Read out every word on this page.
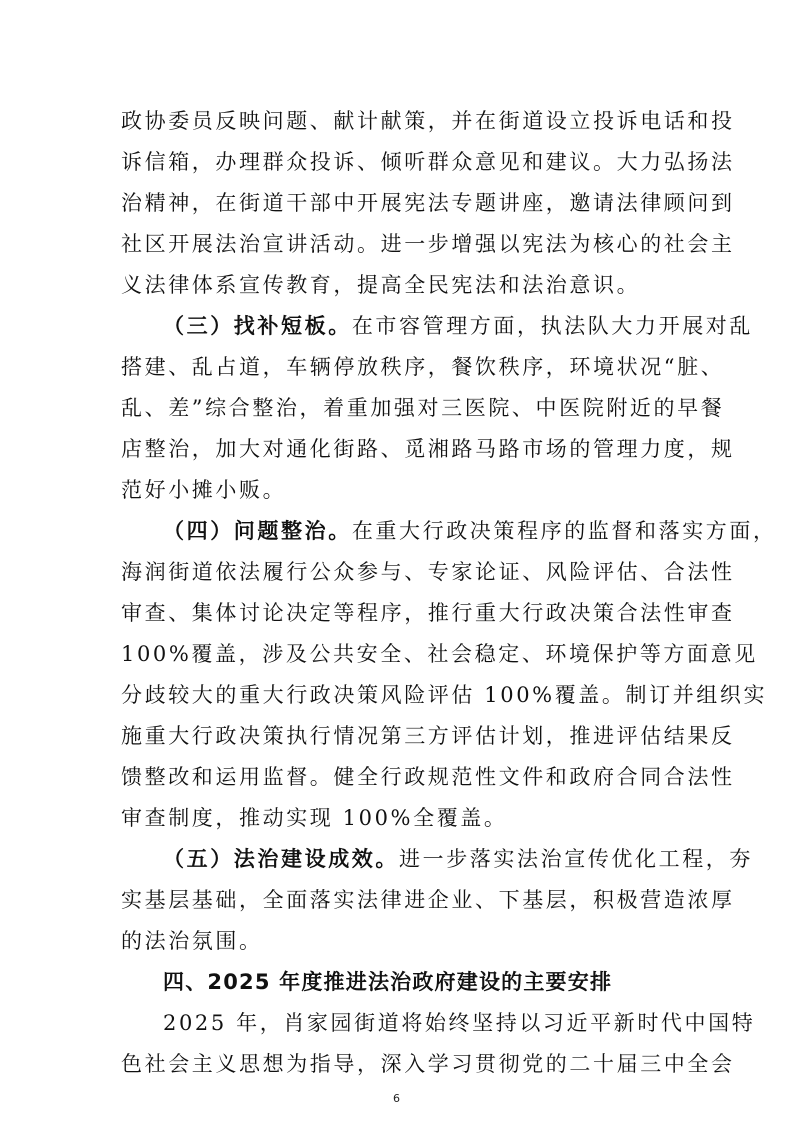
政协委员反映问题、献计献策，并在街道设立投诉电话和投
诉信箱，办理群众投诉、倾听群众意见和建议。大力弘扬法
治精神，在街道干部中开展宪法专题讲座，邀请法律顾问到
社区开展法治宣讲活动。进一步增强以宪法为核心的社会主
义法律体系宣传教育，提高全民宪法和法治意识。
（三）找补短板。在市容管理方面，执法队大力开展对乱
搭建、乱占道，车辆停放秩序，餐饮秩序，环境状况“脏、
乱、差”综合整治，着重加强对三医院、中医院附近的早餐
店整治，加大对通化街路、觅湘路马路市场的管理力度，规
范好小摊小贩。
（四）问题整治。在重大行政决策程序的监督和落实方面，
海润街道依法履行公众参与、专家论证、风险评估、合法性
审查、集体讨论决定等程序，推行重大行政决策合法性审查
100%覆盖，涉及公共安全、社会稳定、环境保护等方面意见
分歧较大的重大行政决策风险评估 100%覆盖。制订并组织实
施重大行政决策执行情况第三方评估计划，推进评估结果反
馈整改和运用监督。健全行政规范性文件和政府合同合法性
审查制度，推动实现 100%全覆盖。
（五）法治建设成效。进一步落实法治宣传优化工程，夯
实基层基础，全面落实法律进企业、下基层，积极营造浓厚
的法治氛围。
四、2025 年度推进法治政府建设的主要安排
2025 年，肖家园街道将始终坚持以习近平新时代中国特
色社会主义思想为指导，深入学习贯彻党的二十届三中全会
6
